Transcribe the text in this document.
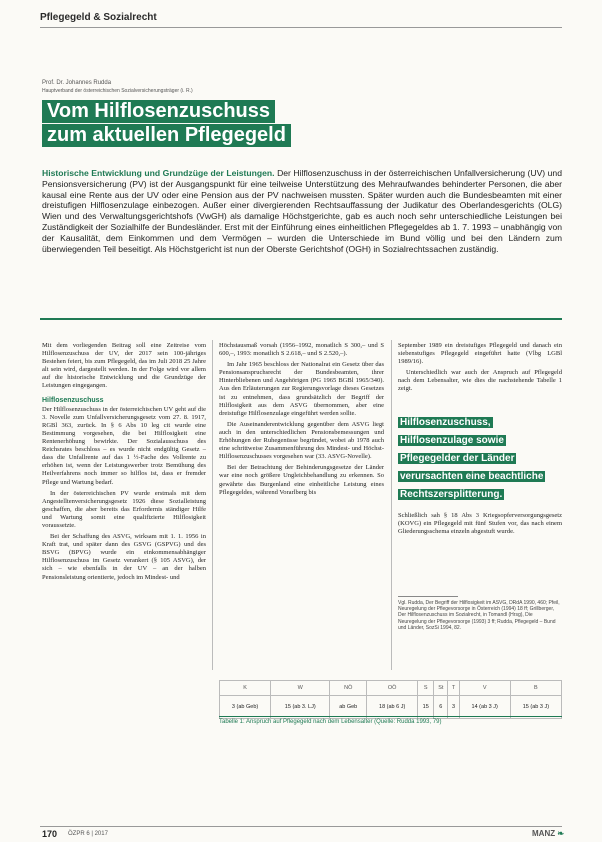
Pflegegeld & Sozialrecht
Prof. Dr. Johannes Rudda
Hauptverband der österreichischen Sozialversicherungsträger (i. R.)
Vom Hilflosenzuschuss
zum aktuellen Pflegegeld
Historische Entwicklung und Grundzüge der Leistungen. Der Hilflosenzuschuss in der österreichischen Unfallversicherung (UV) und Pensionsversicherung (PV) ist der Ausgangspunkt für eine teilweise Unterstützung des Mehraufwandes behinderter Personen, die aber kausal eine Rente aus der UV oder eine Pension aus der PV nachweisen mussten. Später wurden auch die Bundesbeamten mit einer dreistufigen Hilflosenzulage einbezogen. Außer einer divergierenden Rechtsauffassung der Judikatur des Oberlandesgerichts (OLG) Wien und des Verwaltungsgerichtshofs (VwGH) als damalige Höchstgerichte, gab es auch noch sehr unterschiedliche Leistungen bei Zuständigkeit der Sozialhilfe der Bundesländer. Erst mit der Einführung eines einheitlichen Pflegegeldes ab 1. 7. 1993 – unabhängig von der Kausalität, dem Einkommen und dem Vermögen – wurden die Unterschiede im Bund völlig und bei den Ländern zum überwiegenden Teil beseitigt. Als Höchstgericht ist nun der Oberste Gerichtshof (OGH) in Sozialrechtssachen zuständig.

Mit dem vorliegenden Beitrag soll eine Zeitreise vom Hilflosenzuschuss der UV, der 2017 sein 100-jähriges Bestehen feiert, bis zum Pflegegeld, das im Juli 2018 25 Jahre alt sein wird, dargestellt werden. In der Folge wird vor allem auf die historische Entwicklung und die Grundzüge der Leistungen eingegangen.

Hilflosenzuschuss

Der Hilflosenzuschuss in der österreichischen UV geht auf die 3. Novelle zum Unfallversicherungsgesetz vom 27. 8. 1917, RGBl 363, zurück. In § 6 Abs 10 leg cit wurde eine Bestimmung vorgesehen, die bei Hilflosigkeit eine Rentenerhöhung bewirkte. Der Sozialausschuss des Reichsrates beschloss – es wurde nicht endgültig Gesetz – dass die Unfallrente auf das 1 ½-Fache des Vollrente zu erhöhen ist, wenn der Leistungswerber trotz Bemühung des Heilverfahrens noch immer so hilflos ist, dass er fremder Pflege und Wartung bedarf.

In der österreichischen PV wurde erstmals mit dem Angestelltenversicherungsgesetz 1926 diese Sozialleistung geschaffen, die aber bereits das Erfordernis ständiger Hilfe und Wartung somit eine qualifizierte Hilflosigkeit voraussetzte.

Bei der Schaffung des ASVG, wirksam mit 1. 1. 1956 in Kraft trat, und später dann des GSVG (GSPVG) und des BSVG (BPVG) wurde ein einkommensabhängiger Hilflosenzuschuss im Gesetz verankert (§ 105 ASVG), der sich – wie ebenfalls in der UV – an der halben Pensionsleistung orientierte, jedoch im Mindest- und

Höchstausmaß vorsah (1956–1992, monatlich S 300,– und S 600,–, 1993: monatlich S 2.618,– und S 2.520,–).

Im Jahr 1965 beschloss der Nationalrat ein Gesetz über das Pensionsanspruchsrecht der Bundesbeamten, ihrer Hinterbliebenen und Angehörigen (PG 1965 BGBl 1965/340). Aus den Erläuterungen zur Regierungsvorlage dieses Gesetzes ist zu entnehmen, dass grundsätzlich der Begriff der Hilflosigkeit aus dem ASVG übernommen, aber eine dreistufige Hilflosenzulage eingeführt werden sollte.

Die Auseinanderentwicklung gegenüber dem ASVG liegt auch in den unterschiedlichen Pensionsbemessungen und Erhöhungen der Ruhegenüsse begründet, wobei ab 1978 auch eine schrittweise Zusammenführung des Mindest- und Höchst-Hilflosenzuschusses vorgesehen war (33. ASVG-Novelle).

Bei der Betrachtung der Behinderungsgesetze der Länder war eine noch größere Ungleichbehandlung zu erkennen. So gewährte das Burgenland eine einheitliche Leistung eines Pflegegeldes, während Vorarlberg bis

September 1989 ein dreistufiges Pflegegeld und danach ein siebenstufiges Pflegegeld eingeführt hatte (Vlbg LGBl 1989/16).

Unterschiedlich war auch der Anspruch auf Pflegegeld nach dem Lebensalter, wie dies die nachstehende Tabelle 1 zeigt.

Hilflosenzuschuss, Hilflosenzulage sowie Pflegegelder der Länder verursachten eine beachtliche Rechtszersplitterung.

Schließlich sah § 18 Abs 3 Kriegsopferversorgungsgesetz (KOVG) ein Pflegegeld mit fünf Stufen vor, das nach einem Gliederungsschema einzeln abgestuft wurde.

Vgl. Rudda, Der Begriff der Hilflosigkeit im ASVG, DRdA 1990, 460; Pfeil, Neuregelung der Pflegevorsorge in Österreich (1994) 18 ff; Grillberger, Der Hilflosenzuschuss im Sozialrecht, in Tomandl (Hrsg), Die Neuregelung der Pflegevorsorge (1993) 3 ff; Rudda, Pflegegeld – Bund und Länder, SozSi 1994, 82.
K	W	NÖ	OÖ	S	St	T	V	B
3 (ab Geb)	15 (ab 3. LJ)	ab Geb	18 (ab 6 J)	15	6	3	14 (ab 3 J)	15 (ab 3 J)
Tabelle 1: Anspruch auf Pflegegeld nach dem Lebensalter (Quelle: Rudda 1993, 79)
170 ÖZPR 6 | 2017	MANZ ❧
